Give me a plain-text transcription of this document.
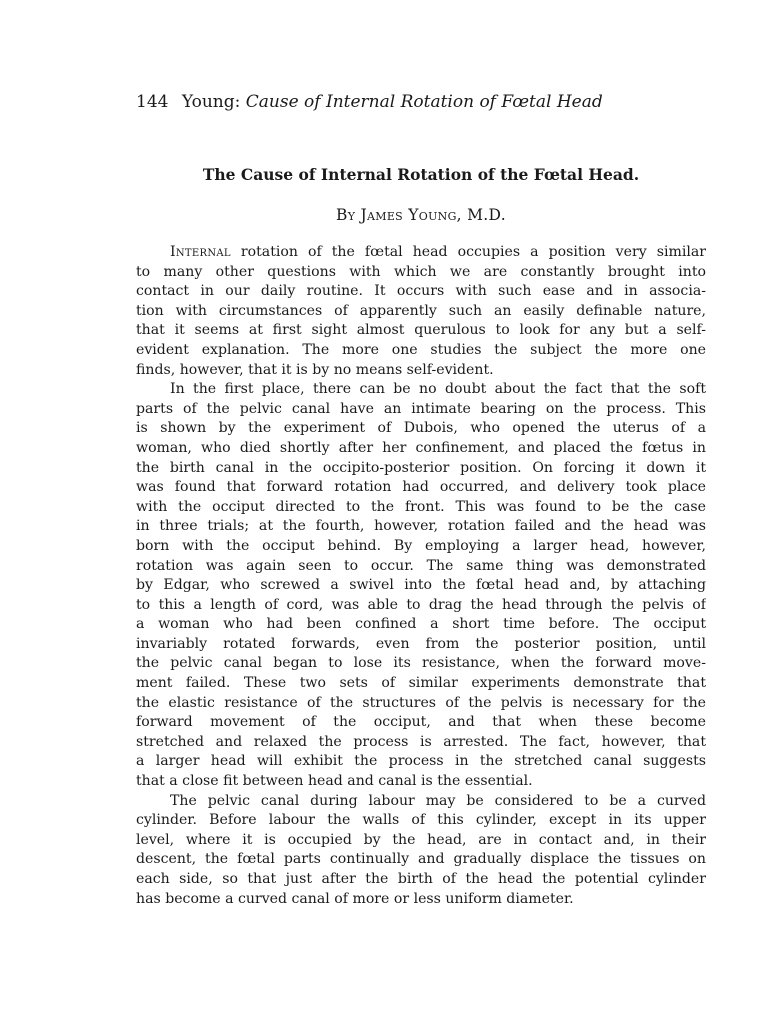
144 Young: Cause of Internal Rotation of Fœtal Head
The Cause of Internal Rotation of the Fœtal Head.
By James Young, M.D.
Internal rotation of the fœtal head occupies a position very similar
to many other questions with which we are constantly brought into
contact in our daily routine. It occurs with such ease and in associa-
tion with circumstances of apparently such an easily definable nature,
that it seems at first sight almost querulous to look for any but a self-
evident explanation. The more one studies the subject the more one
finds, however, that it is by no means self-evident.
In the first place, there can be no doubt about the fact that the soft
parts of the pelvic canal have an intimate bearing on the process. This
is shown by the experiment of Dubois, who opened the uterus of a
woman, who died shortly after her confinement, and placed the fœtus in
the birth canal in the occipito-posterior position. On forcing it down it
was found that forward rotation had occurred, and delivery took place
with the occiput directed to the front. This was found to be the case
in three trials; at the fourth, however, rotation failed and the head was
born with the occiput behind. By employing a larger head, however,
rotation was again seen to occur. The same thing was demonstrated
by Edgar, who screwed a swivel into the fœtal head and, by attaching
to this a length of cord, was able to drag the head through the pelvis of
a woman who had been confined a short time before. The occiput
invariably rotated forwards, even from the posterior position, until
the pelvic canal began to lose its resistance, when the forward move-
ment failed. These two sets of similar experiments demonstrate that
the elastic resistance of the structures of the pelvis is necessary for the
forward movement of the occiput, and that when these become
stretched and relaxed the process is arrested. The fact, however, that
a larger head will exhibit the process in the stretched canal suggests
that a close fit between head and canal is the essential.
The pelvic canal during labour may be considered to be a curved
cylinder. Before labour the walls of this cylinder, except in its upper
level, where it is occupied by the head, are in contact and, in their
descent, the fœtal parts continually and gradually displace the tissues on
each side, so that just after the birth of the head the potential cylinder
has become a curved canal of more or less uniform diameter.
